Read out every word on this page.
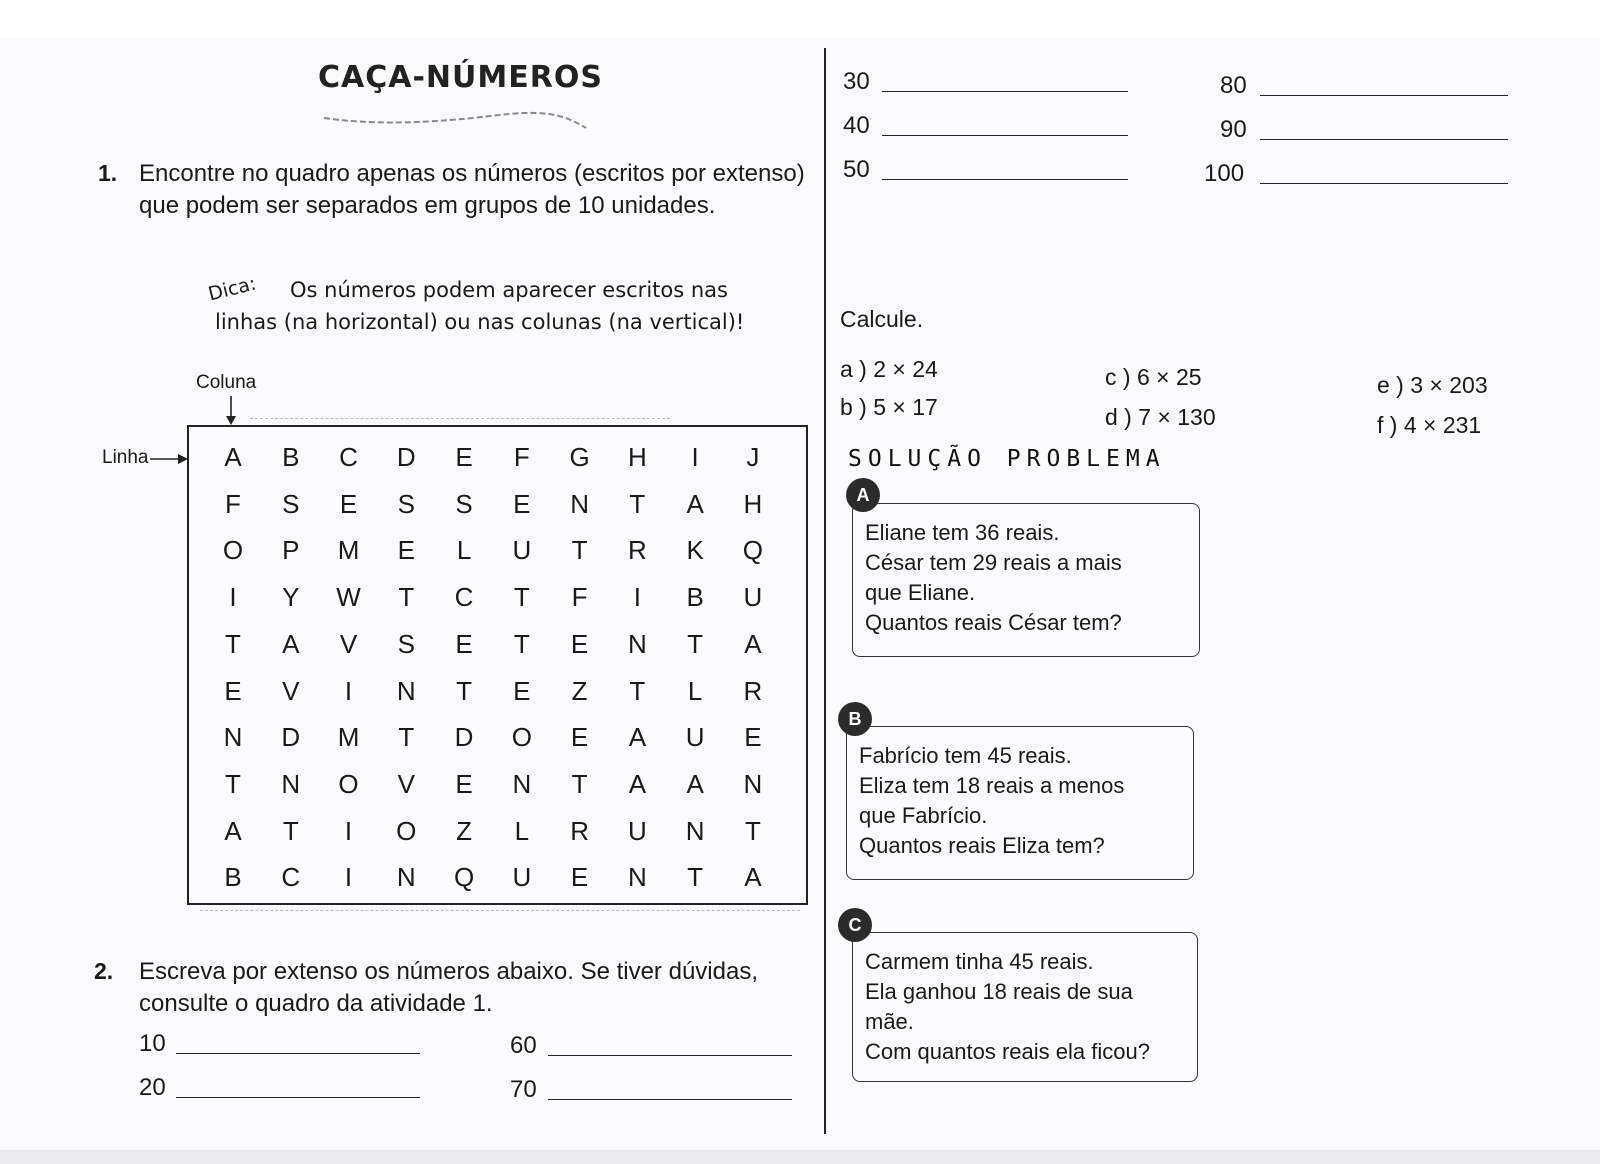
CAÇA-NÚMEROS
1. Encontre no quadro apenas os números (escritos por extenso) que podem ser separados em grupos de 10 unidades.
Dica: Os números podem aparecer escritos nas
linhas (na horizontal) ou nas colunas (na vertical)!
Coluna
Linha	A	B	C	D	E	F	G	H	I	J
F	S	E	S	S	E	N	T	A	H
O	P	M	E	L	U	T	R	K	Q
I	Y	W	T	C	T	F	I	B	U
T	A	V	S	E	T	E	N	T	A
E	V	I	N	T	E	Z	T	L	R
N	D	M	T	D	O	E	A	U	E
T	N	O	V	E	N	T	A	A	N
A	T	I	O	Z	L	R	U	N	T
B	C	I	N	Q	U	E	N	T	A
2. Escreva por extenso os números abaixo. Se tiver dúvidas,
consulte o quadro da atividade 1.
10
20
60
70
30
40
50
80
90
100
Calcule.
a ) 2 × 24
b ) 5 × 17
c ) 6 × 25
d ) 7 × 130
e ) 3 × 203
f ) 4 × 231
SOLUÇÃO PROBLEMA
Eliane tem 36 reais.
César tem 29 reais a mais
que Eliane.
Quantos reais César tem?
A
Fabrício tem 45 reais.
Eliza tem 18 reais a menos
que Fabrício.
Quantos reais Eliza tem?
B
Carmem tinha 45 reais.
Ela ganhou 18 reais de sua
mãe.
Com quantos reais ela ficou?
C
